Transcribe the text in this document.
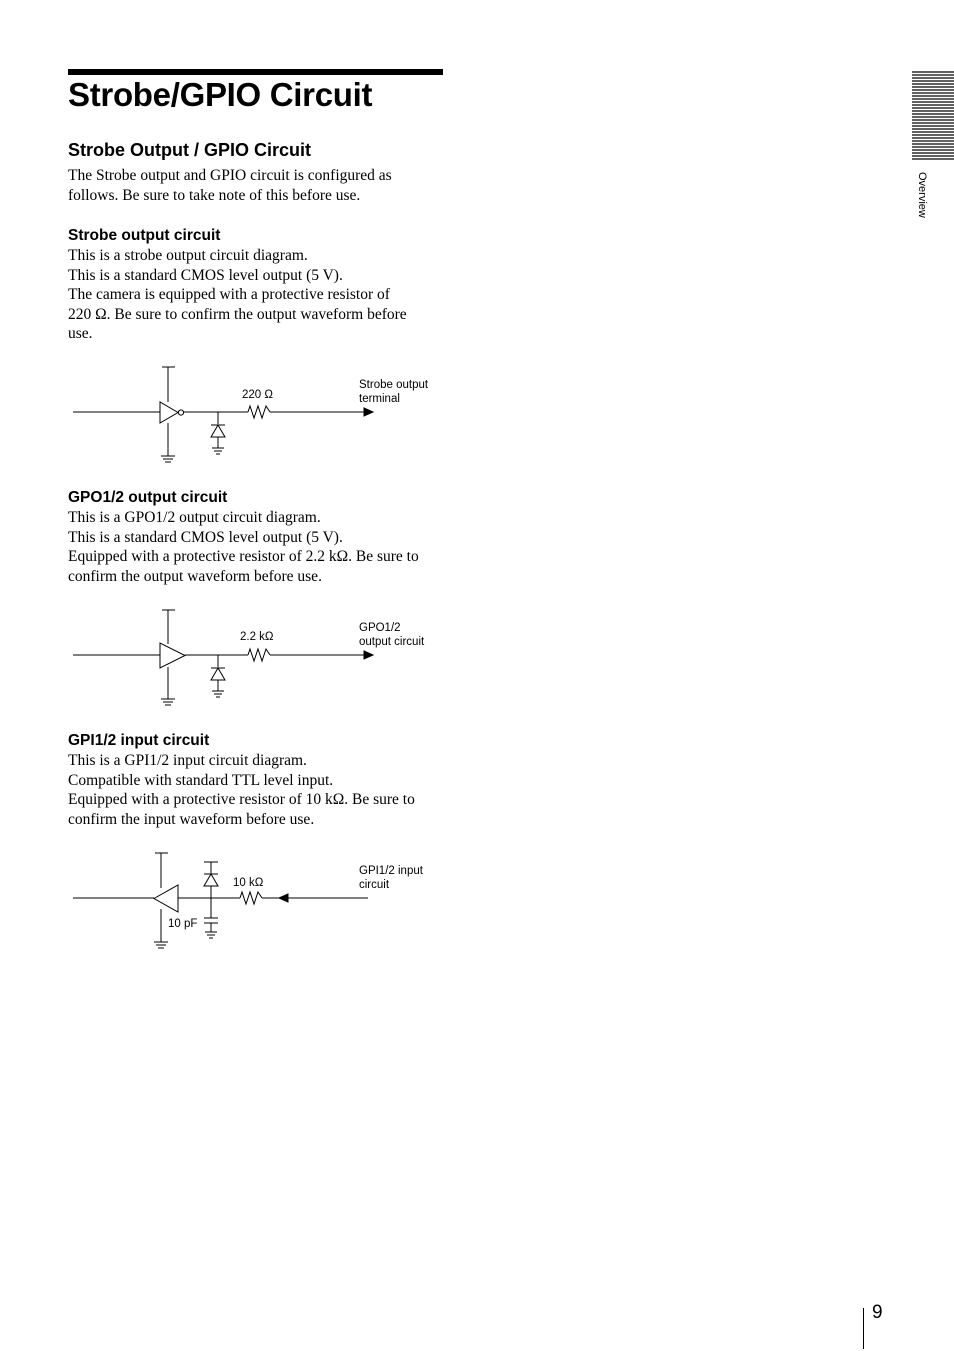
Strobe/GPIO Circuit
Strobe Output / GPIO Circuit

The Strobe output and GPIO circuit is configured as
follows. Be sure to take note of this before use.

Strobe output circuit

This is a strobe output circuit diagram.
This is a standard CMOS level output (5 V).
The camera is equipped with a protective resistor of
220 Ω. Be sure to confirm the output waveform before
use.

220 Ω
Strobe output
terminal
GPO1/2 output circuit

This is a GPO1/2 output circuit diagram.
This is a standard CMOS level output (5 V).
Equipped with a protective resistor of 2.2 kΩ. Be sure to
confirm the output waveform before use.

2.2 kΩ
GPO1/2
output circuit
GPI1/2 input circuit

This is a GPI1/2 input circuit diagram.
Compatible with standard TTL level input.
Equipped with a protective resistor of 10 kΩ. Be sure to
confirm the input waveform before use.

10 kΩ
10 pF
GPI1/2 input
circuit
Overview
9
